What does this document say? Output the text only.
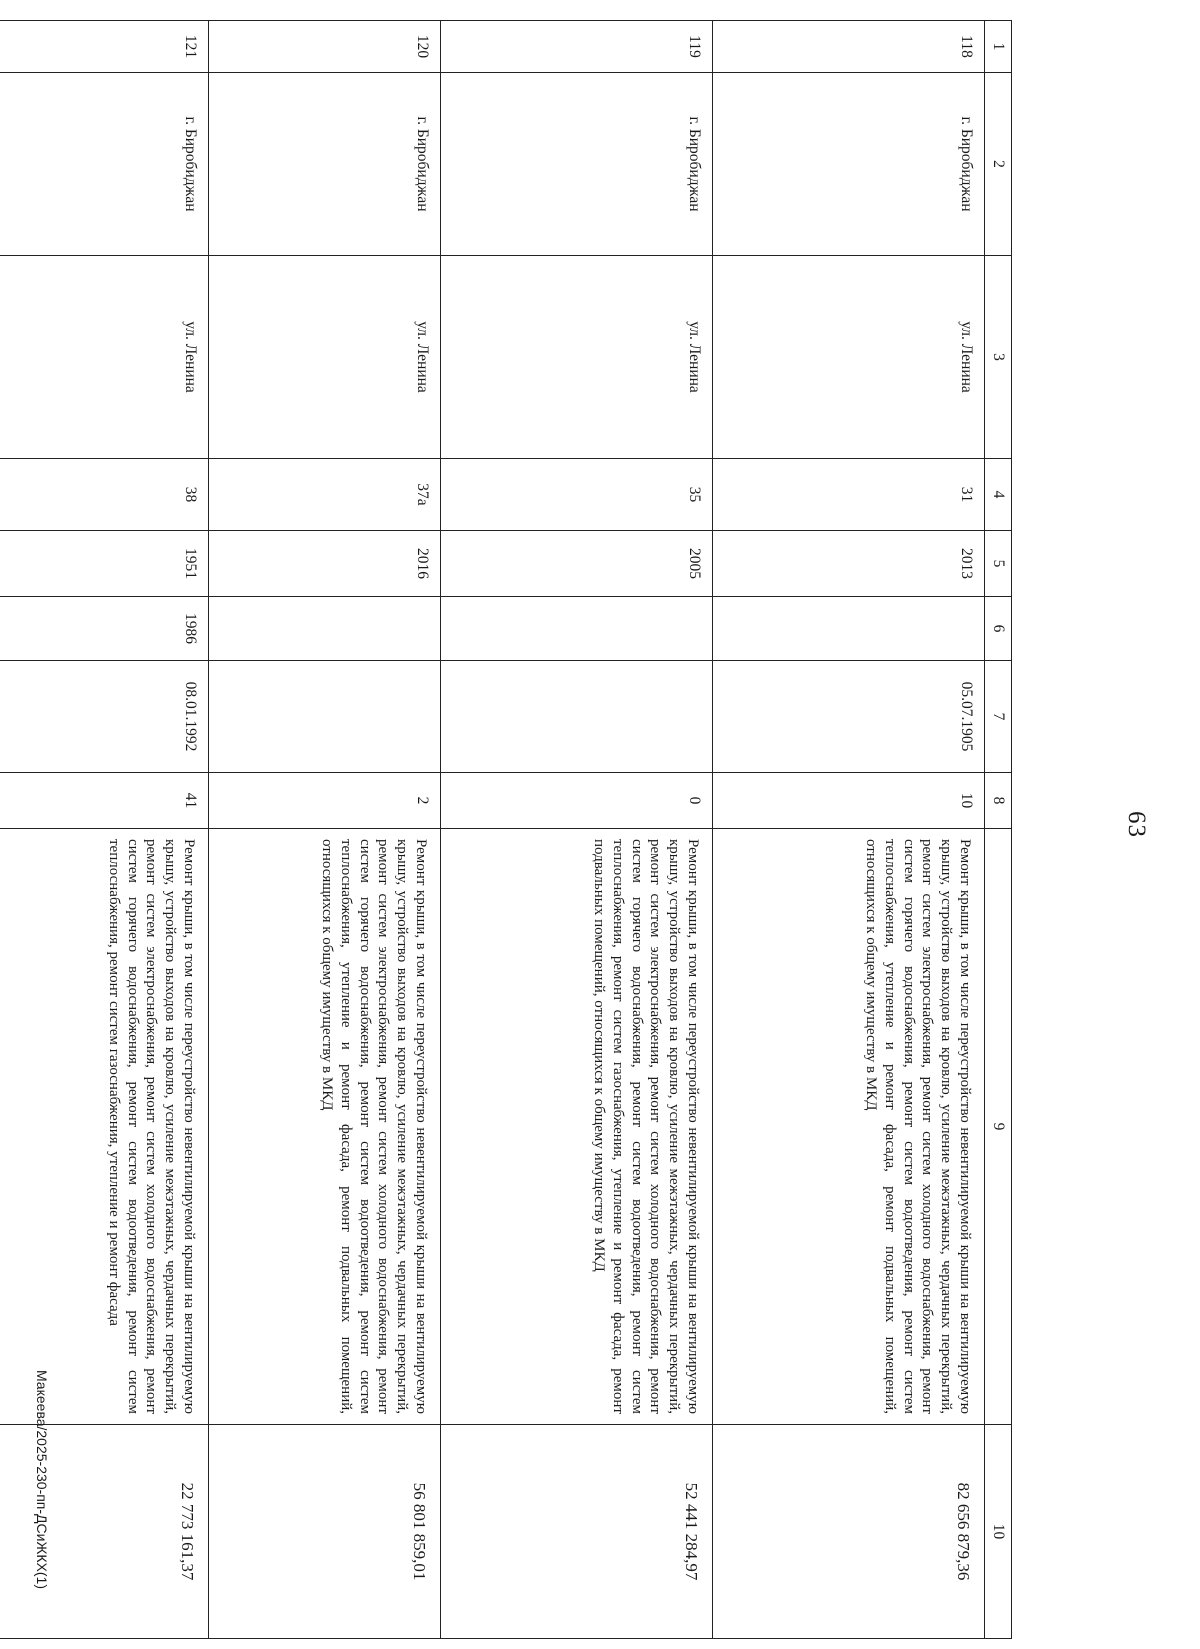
63
1	2	3	4	5	6	7	8	9	10
118	г. Биробиджан	ул. Ленина	31	2013		05.07.1905	10	Ремонт крыши, в том числе переустройство невентилируемой крыши на вентилируемую крышу, устройство выходов на кровлю, усиление межэтажных, чердачных перекрытий, ремонт систем электроснабжения, ремонт систем холодного водоснабжения, ремонт систем горячего водоснабжения, ремонт систем водоотведения, ремонт систем теплоснабжения, утепление и ремонт фасада, ремонт подвальных помещений, относящихся к общему имуществу в МКД	82 656 879,36
119	г. Биробиджан	ул. Ленина	35	2005			0	Ремонт крыши, в том числе переустройство невентилируемой крыши на вентилируемую крышу, устройство выходов на кровлю, усиление межэтажных, чердачных перекрытий, ремонт систем электроснабжения, ремонт систем холодного водоснабжения, ремонт систем горячего водоснабжения, ремонт систем водоотведения, ремонт систем теплоснабжения, ремонт систем газоснабжения, утепление и ремонт фасада, ремонт подвальных помещений, относящихся к общему имуществу в МКД	52 441 284,97
120	г. Биробиджан	ул. Ленина	37а	2016			2	Ремонт крыши, в том числе переустройство невентилируемой крыши на вентилируемую крышу, устройство выходов на кровлю, усиление межэтажных, чердачных перекрытий, ремонт систем электроснабжения, ремонт систем холодного водоснабжения, ремонт систем горячего водоснабжения, ремонт систем водоотведения, ремонт систем теплоснабжения, утепление и ремонт фасада, ремонт подвальных помещений, относящихся к общему имуществу в МКД	56 801 859,01
121	г. Биробиджан	ул. Ленина	38	1951	1986	08.01.1992	41	Ремонт крыши, в том числе переустройство невентилируемой крыши на вентилируемую крышу, устройство выходов на кровлю, усиление межэтажных, чердачных перекрытий, ремонт систем электроснабжения, ремонт систем холодного водоснабжения, ремонт систем горячего водоснабжения, ремонт систем водоотведения, ремонт систем теплоснабжения, ремонт систем газоснабжения, утепление и ремонт фасада	22 773 161,37
Макеева/2025-230-пп-ДСиЖКХ(1)
